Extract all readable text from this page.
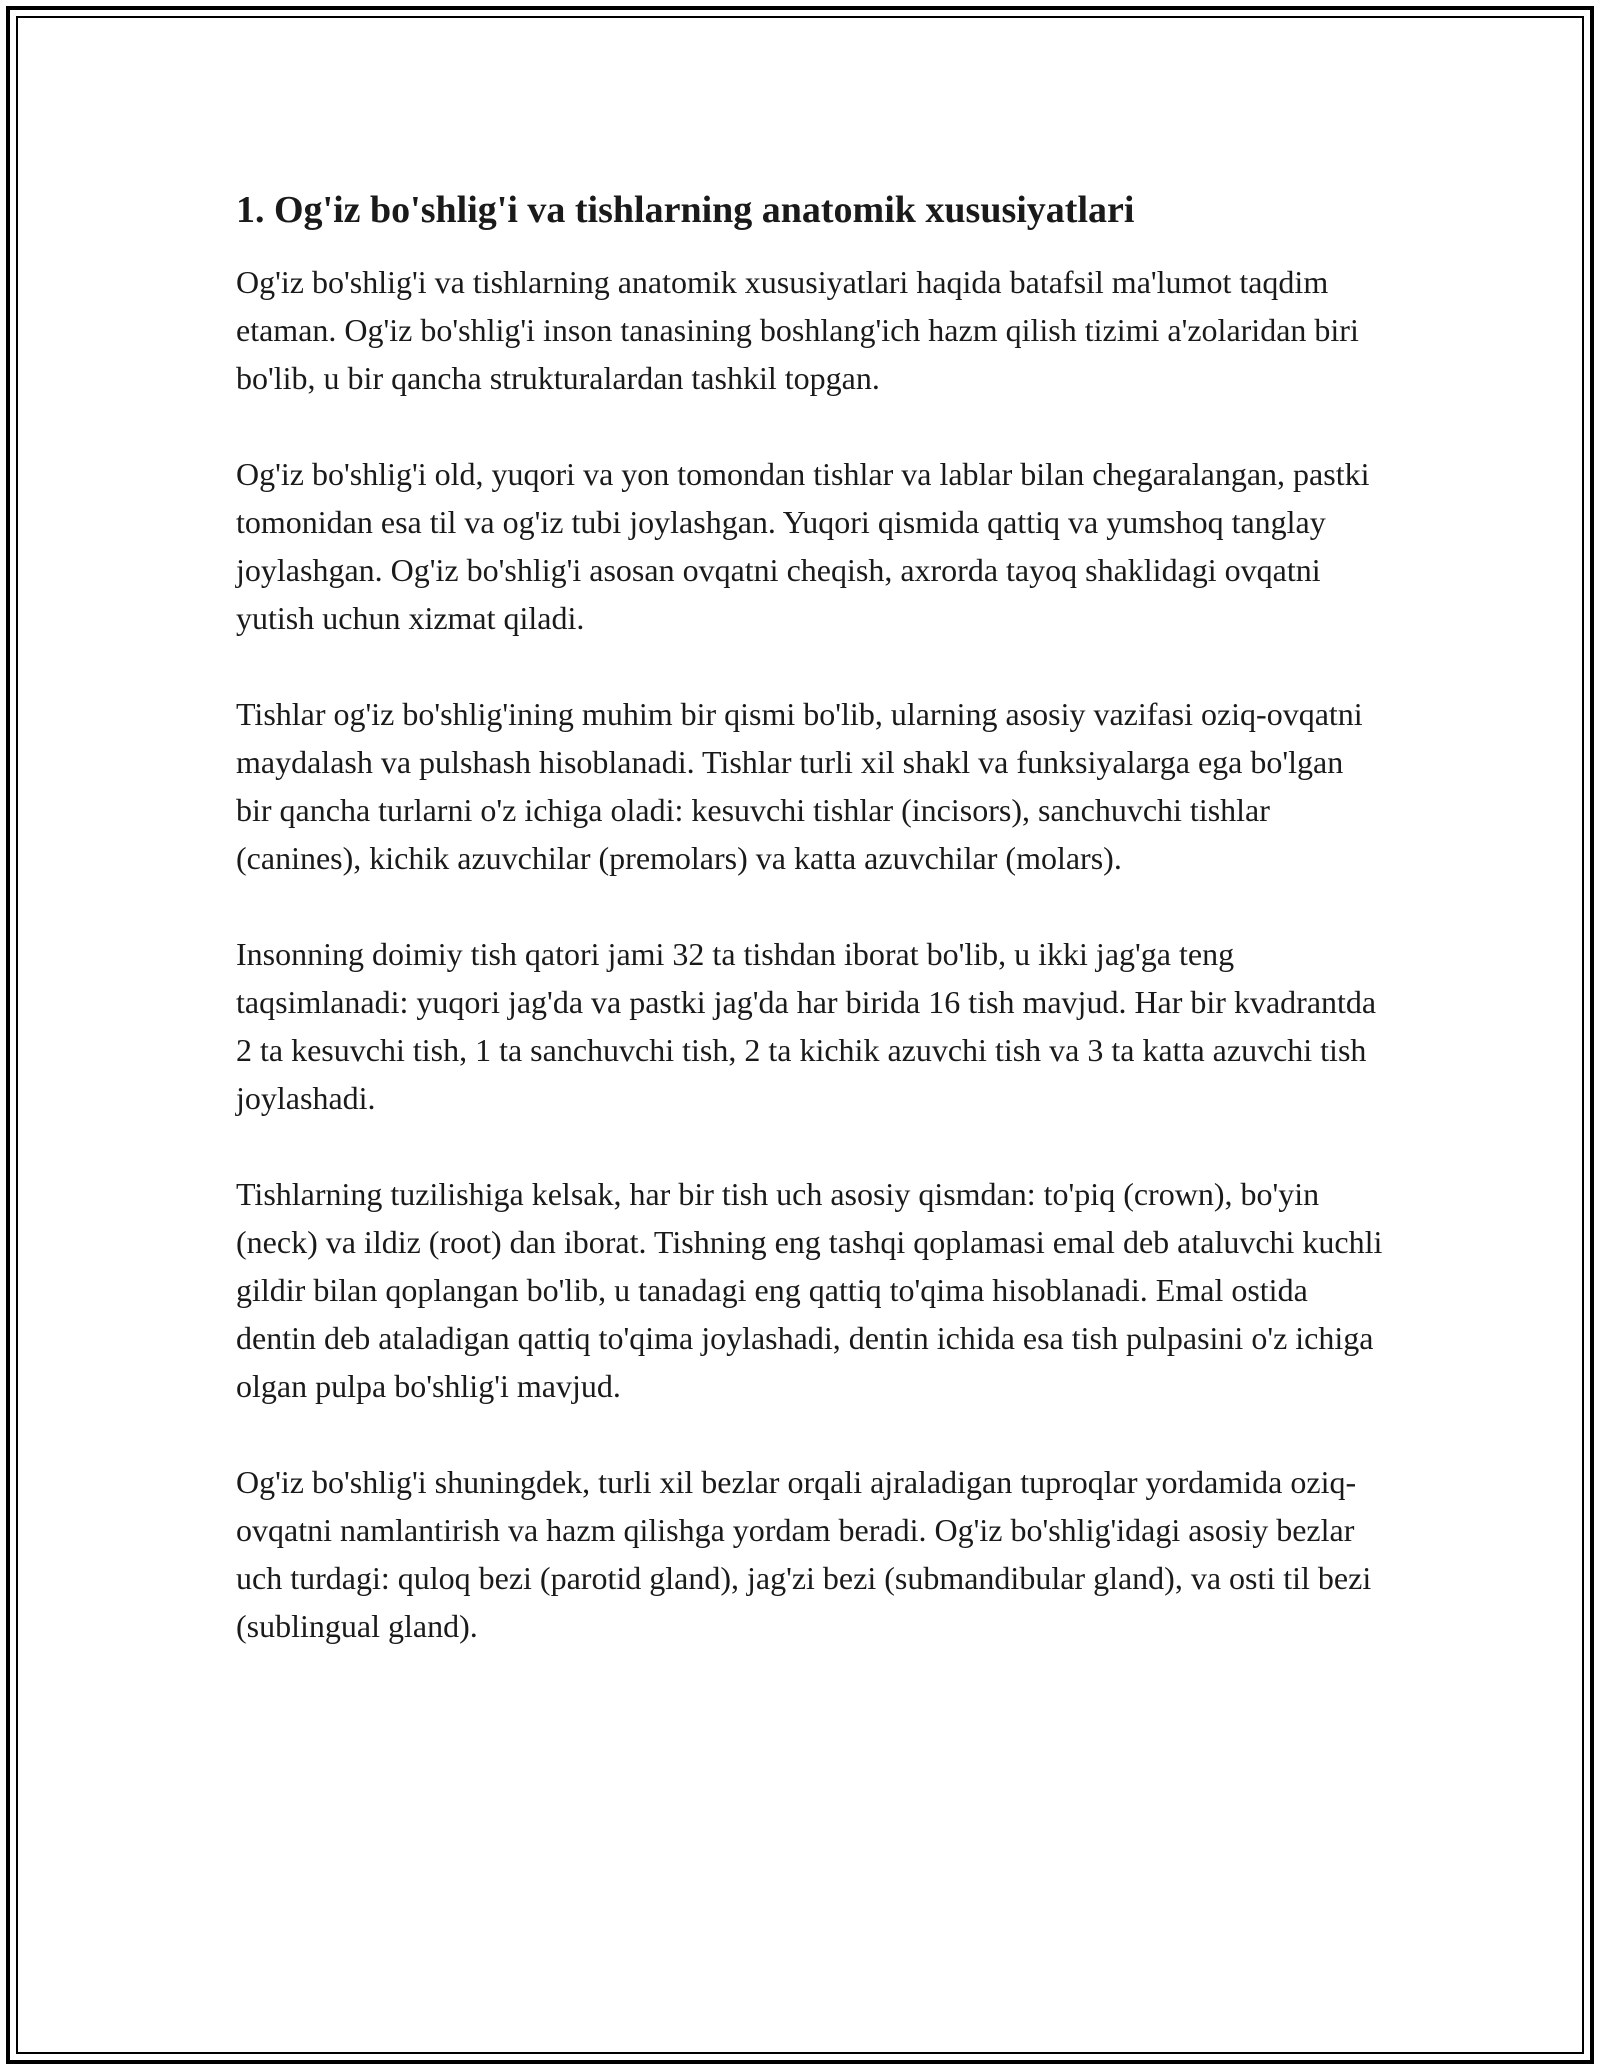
1. Og'iz bo'shlig'i va tishlarning anatomik xususiyatlari

Og'iz bo'shlig'i va tishlarning anatomik xususiyatlari haqida batafsil ma'lumot taqdim etaman. Og'iz bo'shlig'i inson tanasining boshlang'ich hazm qilish tizimi a'zolaridan biri bo'lib, u bir qancha strukturalardan tashkil topgan.

Og'iz bo'shlig'i old, yuqori va yon tomondan tishlar va lablar bilan chegaralangan, pastki tomonidan esa til va og'iz tubi joylashgan. Yuqori qismida qattiq va yumshoq tanglay joylashgan. Og'iz bo'shlig'i asosan ovqatni cheqish, axrorda tayoq shaklidagi ovqatni yutish uchun xizmat qiladi.

Tishlar og'iz bo'shlig'ining muhim bir qismi bo'lib, ularning asosiy vazifasi oziq-ovqatni maydalash va pulshash hisoblanadi. Tishlar turli xil shakl va funksiyalarga ega bo'lgan bir qancha turlarni o'z ichiga oladi: kesuvchi tishlar (incisors), sanchuvchi tishlar (canines), kichik azuvchilar (premolars) va katta azuvchilar (molars).

Insonning doimiy tish qatori jami 32 ta tishdan iborat bo'lib, u ikki jag'ga teng taqsimlanadi: yuqori jag'da va pastki jag'da har birida 16 tish mavjud. Har bir kvadrantda 2 ta kesuvchi tish, 1 ta sanchuvchi tish, 2 ta kichik azuvchi tish va 3 ta katta azuvchi tish joylashadi.

Tishlarning tuzilishiga kelsak, har bir tish uch asosiy qismdan: to'piq (crown), bo'yin (neck) va ildiz (root) dan iborat. Tishning eng tashqi qoplamasi emal deb ataluvchi kuchli gildir bilan qoplangan bo'lib, u tanadagi eng qattiq to'qima hisoblanadi. Emal ostida dentin deb ataladigan qattiq to'qima joylashadi, dentin ichida esa tish pulpasini o'z ichiga olgan pulpa bo'shlig'i mavjud.

Og'iz bo'shlig'i shuningdek, turli xil bezlar orqali ajraladigan tuproqlar yordamida oziq-ovqatni namlantirish va hazm qilishga yordam beradi. Og'iz bo'shlig'idagi asosiy bezlar uch turdagi: quloq bezi (parotid gland), jag'zi bezi (submandibular gland), va osti til bezi (sublingual gland).
